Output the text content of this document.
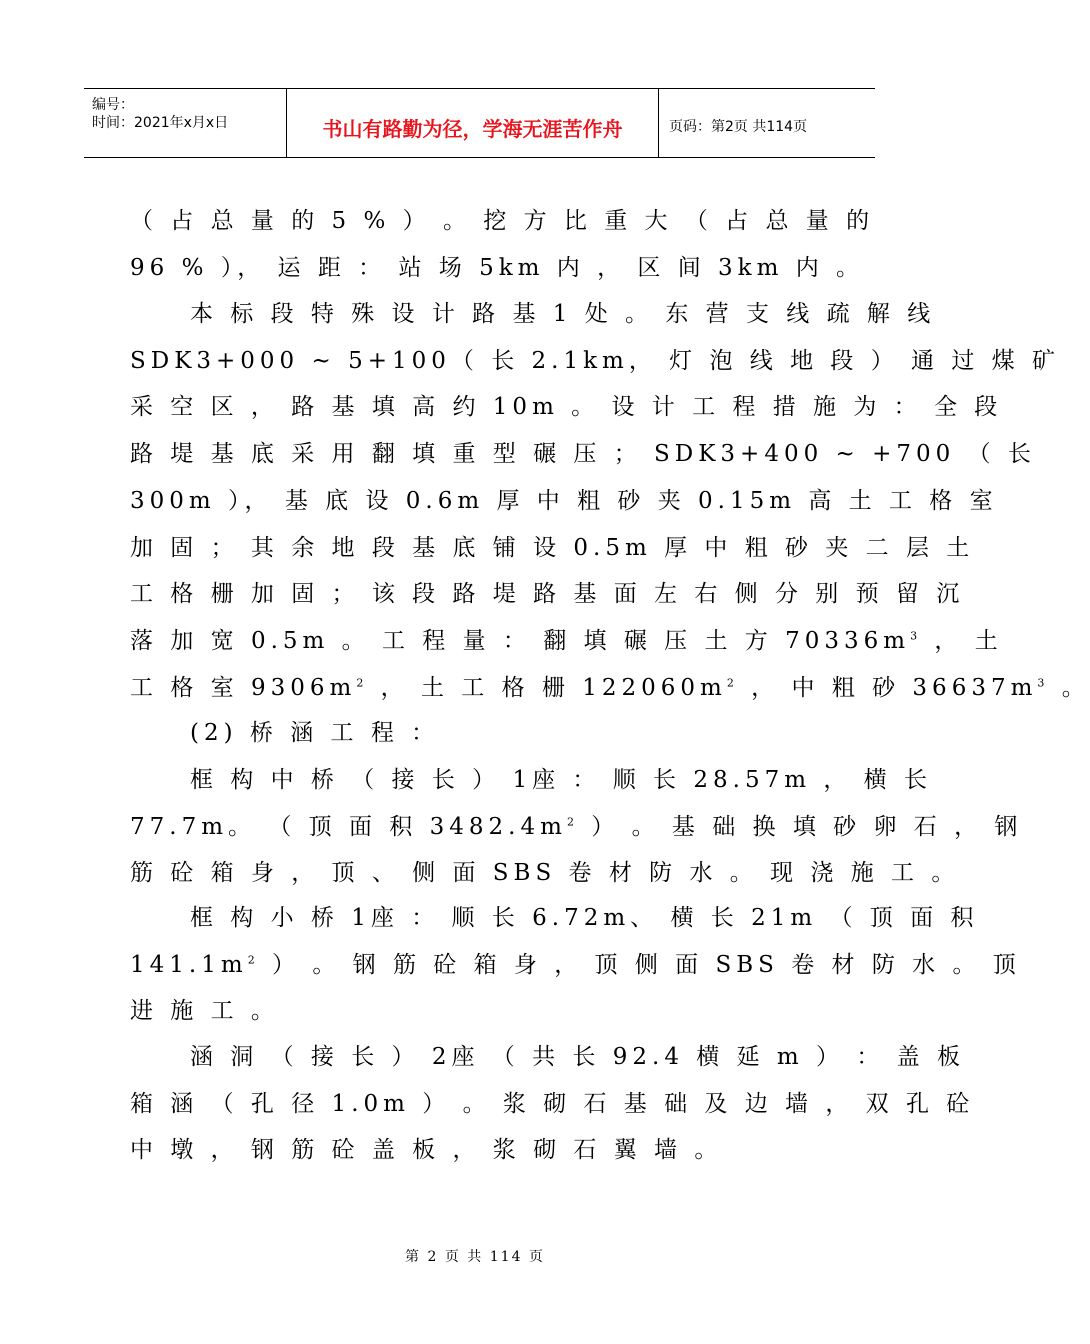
编号：
时间：2021年x月x日	书山有路勤为径，学海无涯苦作舟	页码：第2页 共114页
（ 占 总 量 的 5 % ） 。 挖 方 比 重 大 （ 占 总 量 的
96 % ）， 运 距 ： 站 场 5km 内 ， 区 间 3km 内 。
本 标 段 特 殊 设 计 路 基 1 处 。 东 营 支 线 疏 解 线
SDK3+000 ~ 5+100（ 长 2.1km， 灯 泡 线 地 段 ） 通 过 煤 矿
采 空 区 ， 路 基 填 高 约 10m 。 设 计 工 程 措 施 为 ： 全 段
路 堤 基 底 采 用 翻 填 重 型 碾 压 ； SDK3+400 ~ +700 （ 长
300m ）， 基 底 设 0.6m 厚 中 粗 砂 夹 0.15m 高 土 工 格 室
加 固 ； 其 余 地 段 基 底 铺 设 0.5m 厚 中 粗 砂 夹 二 层 土
工 格 栅 加 固 ； 该 段 路 堤 路 基 面 左 右 侧 分 别 预 留 沉
落 加 宽 0.5m 。 工 程 量 ： 翻 填 碾 压 土 方 $70336m^3$ ， 土
工 格 室 $9306m^2$ ， 土 工 格 栅 $122060m^2$ ， 中 粗 砂 $36637m^3$ 。
(2) 桥 涵 工 程 ：
框 构 中 桥 （ 接 长 ） 1座 ： 顺 长 28.57m ， 横 长
77.7m。 （ 顶 面 积 $3482.4m^2$ ） 。 基 础 换 填 砂 卵 石 ， 钢
筋 砼 箱 身 ， 顶 、 侧 面 SBS 卷 材 防 水 。 现 浇 施 工 。
框 构 小 桥 1座 ： 顺 长 6.72m、 横 长 21m （ 顶 面 积
$141.1m^2$ ） 。 钢 筋 砼 箱 身 ， 顶 侧 面 SBS 卷 材 防 水 。 顶
进 施 工 。
涵 洞 （ 接 长 ） 2座 （ 共 长 92.4 横 延 m ） ： 盖 板
箱 涵 （ 孔 径 1.0m ） 。 浆 砌 石 基 础 及 边 墙 ， 双 孔 砼
中 墩 ， 钢 筋 砼 盖 板 ， 浆 砌 石 翼 墙 。
第 2 页 共 114 页
